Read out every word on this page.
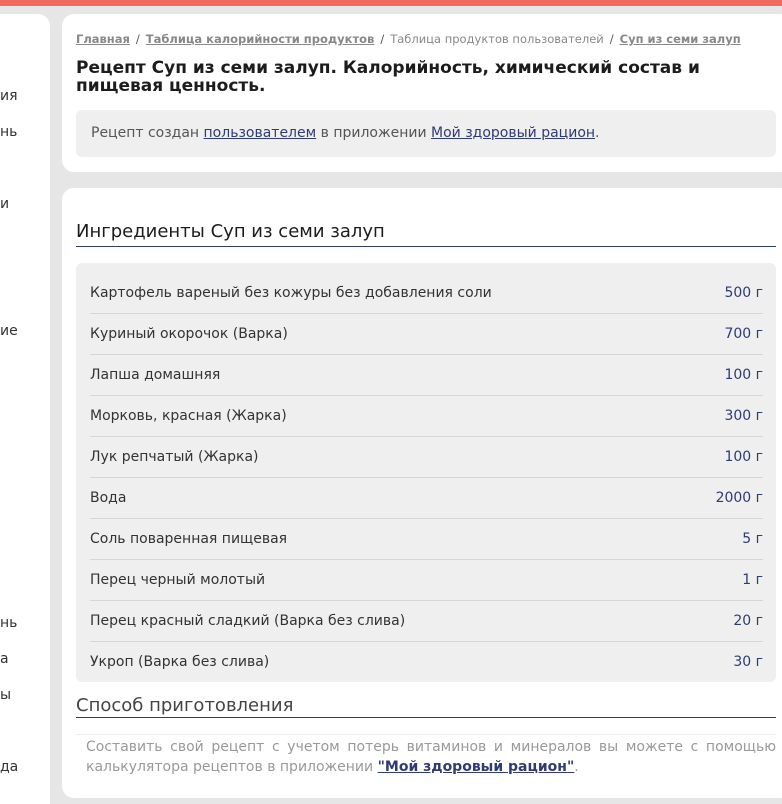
ия
нь
и
ие
нь
а
ы
да
Главная / Таблица калорийности продуктов / Таблица продуктов пользователей / Суп из семи залуп
Рецепт Суп из семи залуп. Калорийность, химический состав и пищевая ценность.
Рецепт создан пользователем в приложении Мой здоровый рацион.
Ингредиенты Суп из семи залуп
Картофель вареный без кожуры без добавления соли	500 г
Куриный окорочок (Варка)	700 г
Лапша домашняя	100 г
Морковь, красная (Жарка)	300 г
Лук репчатый (Жарка)	100 г
Вода	2000 г
Соль поваренная пищевая	5 г
Перец черный молотый	1 г
Перец красный сладкий (Варка без слива)	20 г
Укроп (Варка без слива)	30 г
Способ приготовления
Составить свой рецепт с учетом потерь витаминов и минералов вы можете с помощью калькулятора рецептов в приложении "Мой здоровый рацион".
